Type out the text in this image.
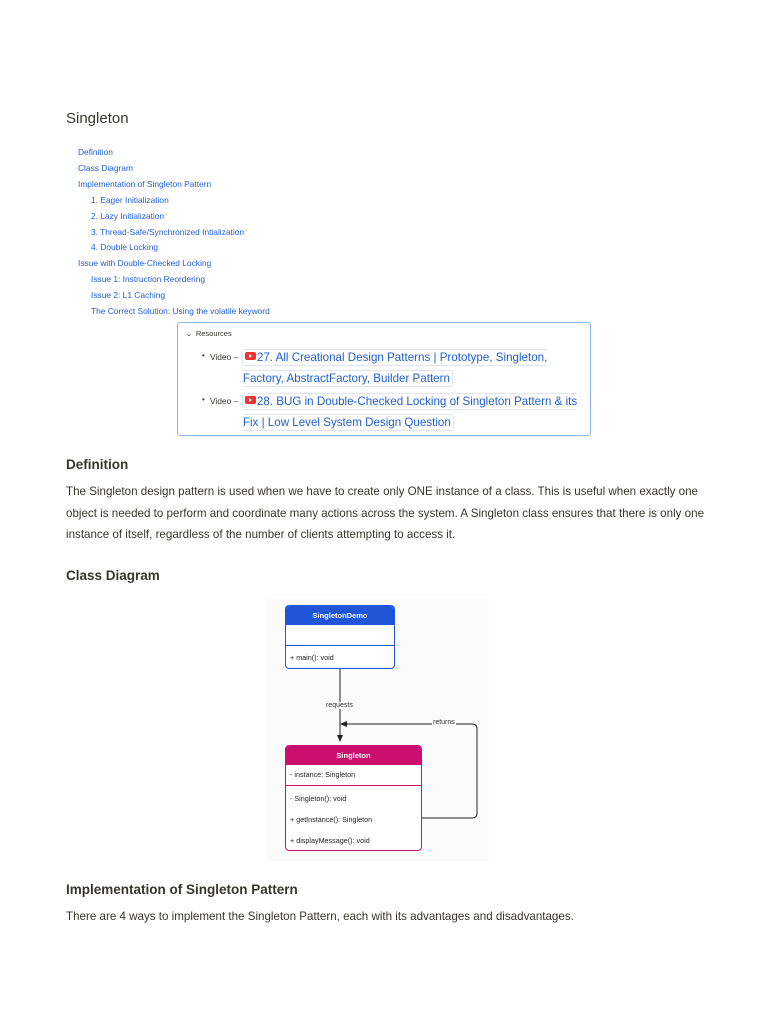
Singleton
Definition
Class Diagram
Implementation of Singleton Pattern
1. Eager Initialization
2. Lazy Initialization
3. Thread-Safe/Synchronized Intialization
4. Double Locking
Issue with Double-Checked Locking
Issue 1: Instruction Reordering
Issue 2: L1 Caching
The Correct Solution: Using the volatile keyword
⌄ Resources
• Video –	27. All Creational Design Patterns | Prototype, Singleton, Factory, AbstractFactory, Builder Pattern
• Video –	28. BUG in Double-Checked Locking of Singleton Pattern & its Fix | Low Level System Design Question
Definition

The Singleton design pattern is used when we have to create only ONE instance of a class. This is useful when exactly one object is needed to perform and coordinate many actions across the system. A Singleton class ensures that there is only one instance of itself, regardless of the number of clients attempting to access it.

Class Diagram
SingletonDemo
+ main(): void
requests
returns
Singleton
- instance: Singleton
- Singleton(): void
+ getInstance(): Singleton
+ displayMessage(): void
Implementation of Singleton Pattern

There are 4 ways to implement the Singleton Pattern, each with its advantages and disadvantages.
